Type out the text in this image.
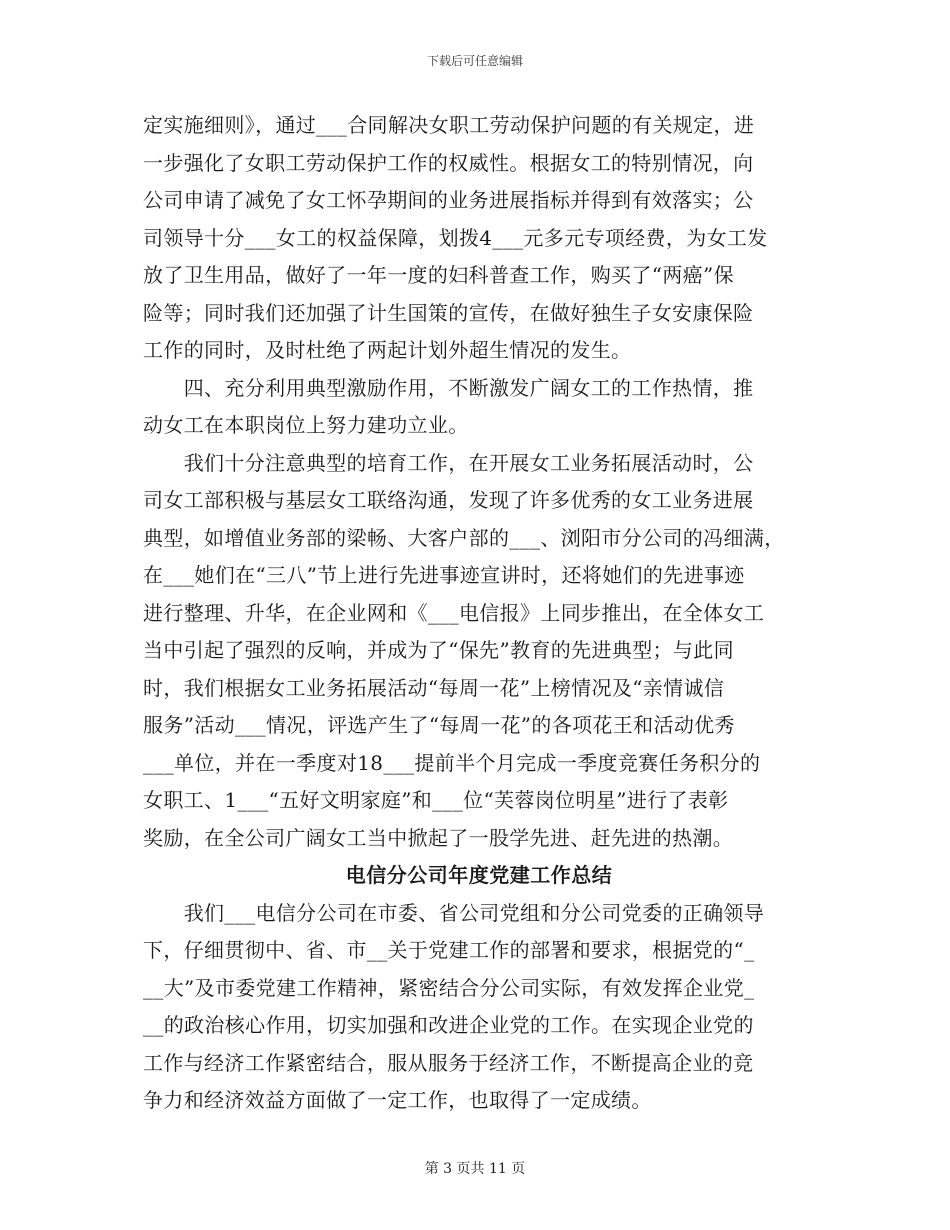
下载后可任意编辑
定实施细则》，通过___合同解决女职工劳动保护问题的有关规定，进
一步强化了女职工劳动保护工作的权威性。根据女工的特别情况，向
公司申请了减免了女工怀孕期间的业务进展指标并得到有效落实；公
司领导十分___女工的权益保障，划拨4___元多元专项经费，为女工发
放了卫生用品，做好了一年一度的妇科普查工作，购买了“两癌”保
险等；同时我们还加强了计生国策的宣传，在做好独生子女安康保险
工作的同时，及时杜绝了两起计划外超生情况的发生。
　　四、充分利用典型激励作用，不断激发广阔女工的工作热情，推
动女工在本职岗位上努力建功立业。
　　我们十分注意典型的培育工作，在开展女工业务拓展活动时，公
司女工部积极与基层女工联络沟通，发现了许多优秀的女工业务进展
典型，如增值业务部的梁畅、大客户部的___、浏阳市分公司的冯细满，
在___她们在“三八”节上进行先进事迹宣讲时，还将她们的先进事迹
进行整理、升华，在企业网和《___电信报》上同步推出，在全体女工
当中引起了强烈的反响，并成为了“保先”教育的先进典型；与此同
时，我们根据女工业务拓展活动“每周一花”上榜情况及“亲情诚信
服务”活动___情况，评选产生了“每周一花”的各项花王和活动优秀
___单位，并在一季度对18___提前半个月完成一季度竞赛任务积分的
女职工、1___“五好文明家庭”和___位“芙蓉岗位明星”进行了表彰
奖励，在全公司广阔女工当中掀起了一股学先进、赶先进的热潮。
电信分公司年度党建工作总结
　　我们___电信分公司在市委、省公司党组和分公司党委的正确领导
下，仔细贯彻中、省、市__关于党建工作的部署和要求，根据党的“_
__大”及市委党建工作精神，紧密结合分公司实际，有效发挥企业党_
__的政治核心作用，切实加强和改进企业党的工作。在实现企业党的
工作与经济工作紧密结合，服从服务于经济工作，不断提高企业的竞
争力和经济效益方面做了一定工作，也取得了一定成绩。
第 3 页共 11 页
